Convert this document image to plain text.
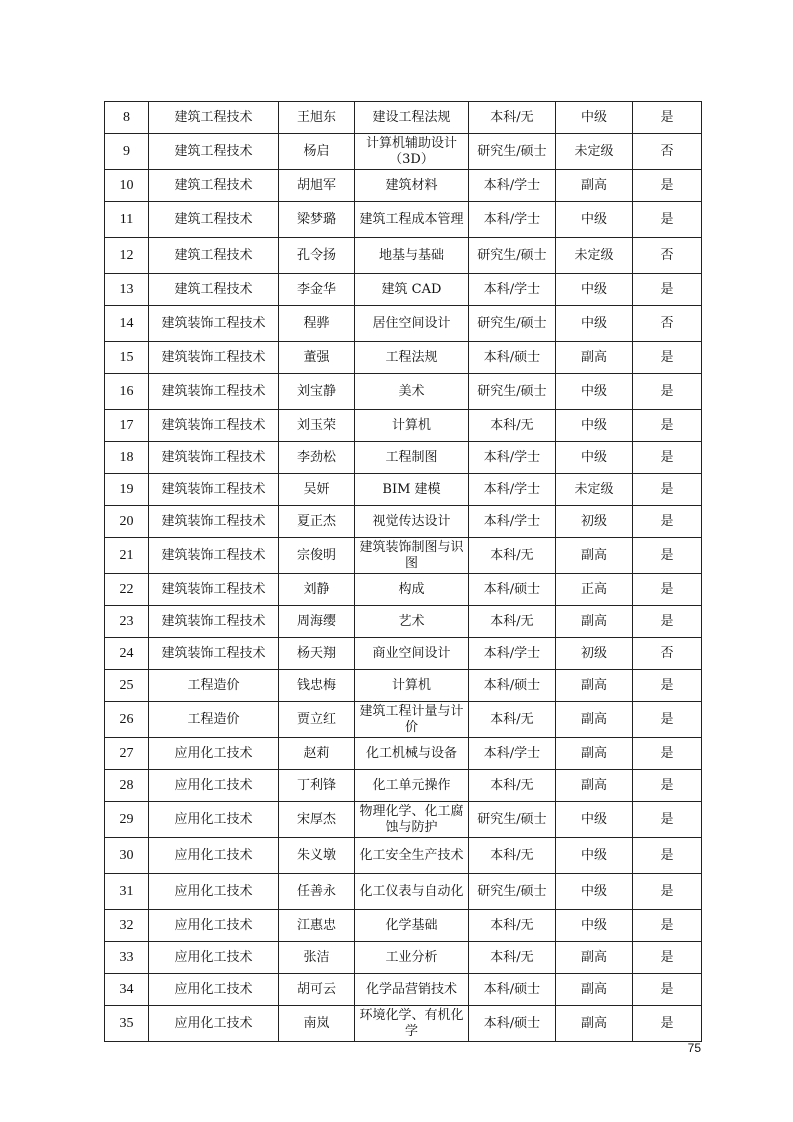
8	建筑工程技术	王旭东	建设工程法规	本科/无	中级	是
9	建筑工程技术	杨启	计算机辅助设计（3D）	研究生/硕士	未定级	否
10	建筑工程技术	胡旭军	建筑材料	本科/学士	副高	是
11	建筑工程技术	梁梦璐	建筑工程成本管理	本科/学士	中级	是
12	建筑工程技术	孔令扬	地基与基础	研究生/硕士	未定级	否
13	建筑工程技术	李金华	建筑 CAD	本科/学士	中级	是
14	建筑装饰工程技术	程骅	居住空间设计	研究生/硕士	中级	否
15	建筑装饰工程技术	董强	工程法规	本科/硕士	副高	是
16	建筑装饰工程技术	刘宝静	美术	研究生/硕士	中级	是
17	建筑装饰工程技术	刘玉荣	计算机	本科/无	中级	是
18	建筑装饰工程技术	李劲松	工程制图	本科/学士	中级	是
19	建筑装饰工程技术	吴妍	BIM 建模	本科/学士	未定级	是
20	建筑装饰工程技术	夏正杰	视觉传达设计	本科/学士	初级	是
21	建筑装饰工程技术	宗俊明	建筑装饰制图与识图	本科/无	副高	是
22	建筑装饰工程技术	刘静	构成	本科/硕士	正高	是
23	建筑装饰工程技术	周海缨	艺术	本科/无	副高	是
24	建筑装饰工程技术	杨天翔	商业空间设计	本科/学士	初级	否
25	工程造价	钱忠梅	计算机	本科/硕士	副高	是
26	工程造价	贾立红	建筑工程计量与计价	本科/无	副高	是
27	应用化工技术	赵莉	化工机械与设备	本科/学士	副高	是
28	应用化工技术	丁利锋	化工单元操作	本科/无	副高	是
29	应用化工技术	宋厚杰	物理化学、化工腐蚀与防护	研究生/硕士	中级	是
30	应用化工技术	朱义墩	化工安全生产技术	本科/无	中级	是
31	应用化工技术	任善永	化工仪表与自动化	研究生/硕士	中级	是
32	应用化工技术	江惠忠	化学基础	本科/无	中级	是
33	应用化工技术	张洁	工业分析	本科/无	副高	是
34	应用化工技术	胡可云	化学品营销技术	本科/硕士	副高	是
35	应用化工技术	南岚	环境化学、有机化学	本科/硕士	副高	是
75
